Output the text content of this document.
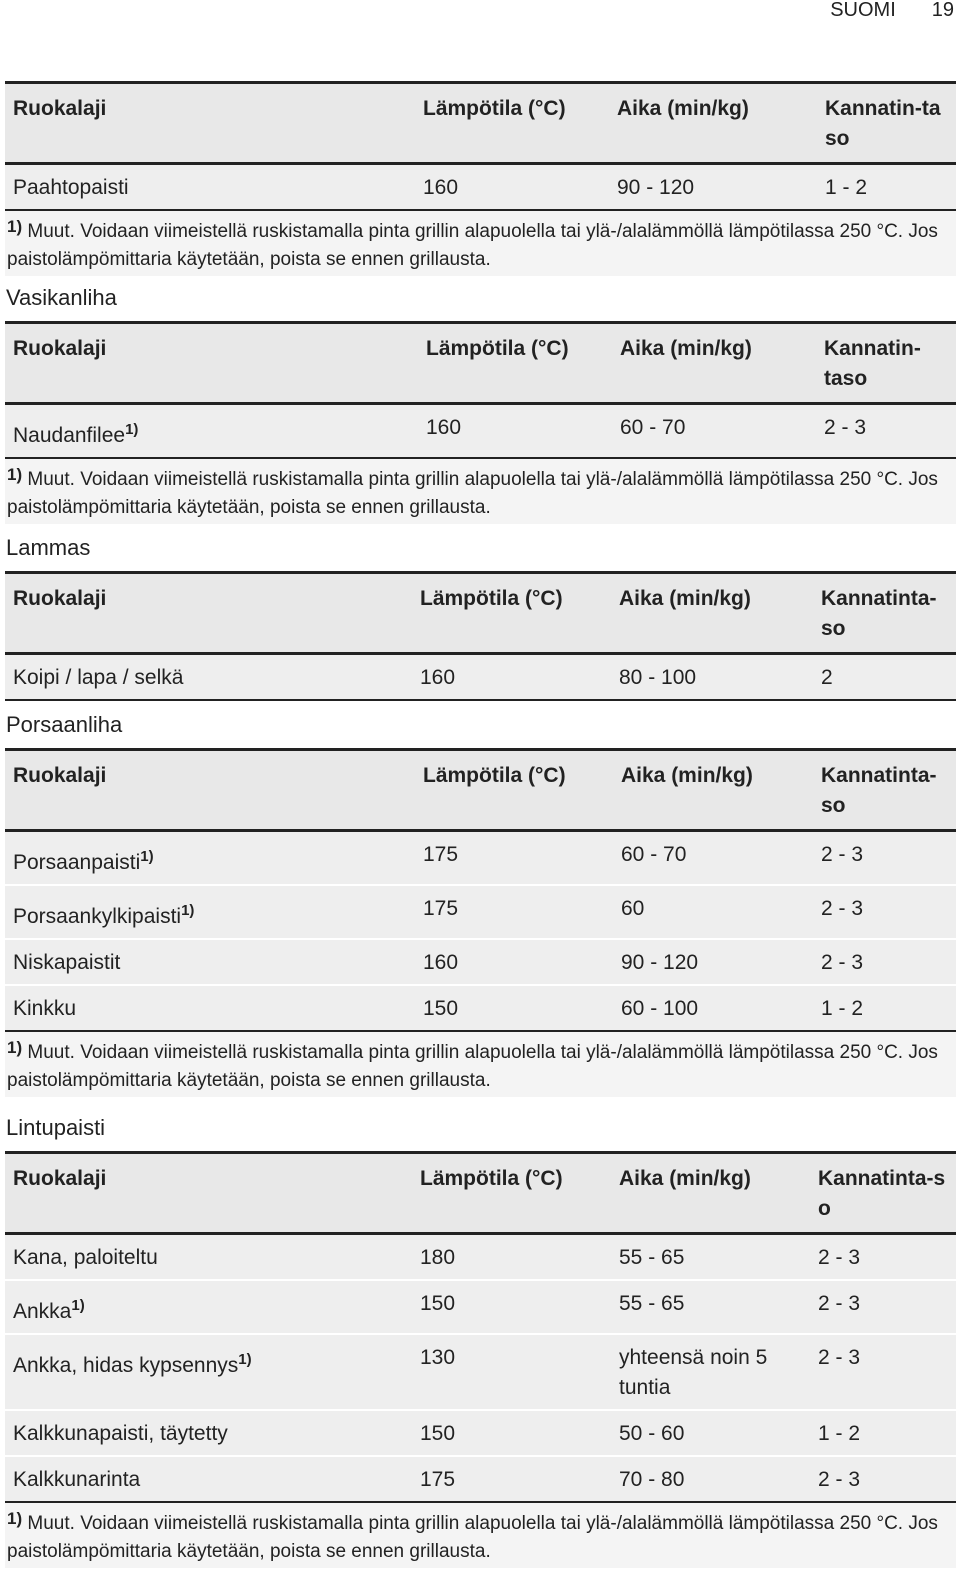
SUOMI 19
Ruokalaji	Lämpötila (°C)	Aika (min/kg)	Kannatin-taso
Paahtopaisti	160	90 - 120	1 - 2
1) Muut. Voidaan viimeistellä ruskistamalla pinta grillin alapuolella tai ylä-/alalämmöllä lämpötilassa 250 °C. Jos paistolämpömittaria käytetään, poista se ennen grillausta.
Vasikanliha
Ruokalaji	Lämpötila (°C)	Aika (min/kg)	Kannatin-taso
Naudanfilee$^{1)}$	160	60 - 70	2 - 3
1) Muut. Voidaan viimeistellä ruskistamalla pinta grillin alapuolella tai ylä-/alalämmöllä lämpötilassa 250 °C. Jos paistolämpömittaria käytetään, poista se ennen grillausta.
Lammas
Ruokalaji	Lämpötila (°C)	Aika (min/kg)	Kannatinta-so
Koipi / lapa / selkä	160	80 - 100	2
Porsaanliha
Ruokalaji	Lämpötila (°C)	Aika (min/kg)	Kannatinta-so
Porsaanpaisti$^{1)}$	175	60 - 70	2 - 3
Porsaankylkipaisti$^{1)}$	175	60	2 - 3
Niskapaistit	160	90 - 120	2 - 3
Kinkku	150	60 - 100	1 - 2
1) Muut. Voidaan viimeistellä ruskistamalla pinta grillin alapuolella tai ylä-/alalämmöllä lämpötilassa 250 °C. Jos paistolämpömittaria käytetään, poista se ennen grillausta.
Lintupaisti
Ruokalaji	Lämpötila (°C)	Aika (min/kg)	Kannatinta-so
Kana, paloiteltu	180	55 - 65	2 - 3
Ankka$^{1)}$	150	55 - 65	2 - 3
Ankka, hidas kypsennys$^{1)}$	130	yhteensä noin 5 tuntia	2 - 3
Kalkkunapaisti, täytetty	150	50 - 60	1 - 2
Kalkkunarinta	175	70 - 80	2 - 3
1) Muut. Voidaan viimeistellä ruskistamalla pinta grillin alapuolella tai ylä-/alalämmöllä lämpötilassa 250 °C. Jos paistolämpömittaria käytetään, poista se ennen grillausta.
